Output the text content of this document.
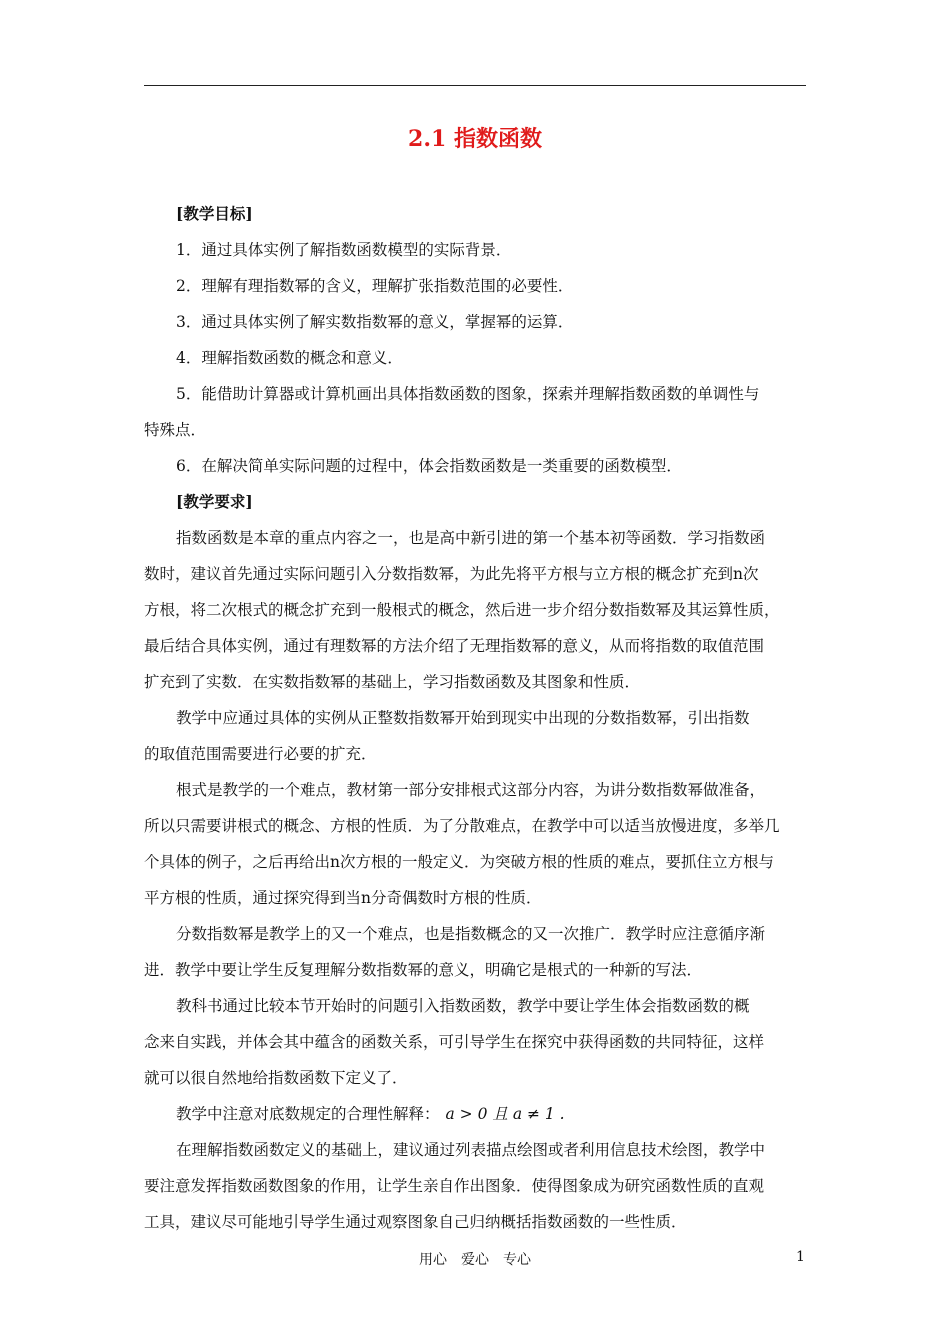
2.1 指数函数
[教学目标]
1．通过具体实例了解指数函数模型的实际背景．
2．理解有理指数幂的含义，理解扩张指数范围的必要性．
3．通过具体实例了解实数指数幂的意义，掌握幂的运算．
4．理解指数函数的概念和意义．
5．能借助计算器或计算机画出具体指数函数的图象，探索并理解指数函数的单调性与
特殊点．
6．在解决简单实际问题的过程中，体会指数函数是一类重要的函数模型．
[教学要求]
指数函数是本章的重点内容之一，也是高中新引进的第一个基本初等函数．学习指数函
数时，建议首先通过实际问题引入分数指数幂，为此先将平方根与立方根的概念扩充到n次
方根，将二次根式的概念扩充到一般根式的概念，然后进一步介绍分数指数幂及其运算性质，
最后结合具体实例，通过有理数幂的方法介绍了无理指数幂的意义，从而将指数的取值范围
扩充到了实数．在实数指数幂的基础上，学习指数函数及其图象和性质．
教学中应通过具体的实例从正整数指数幂开始到现实中出现的分数指数幂，引出指数
的取值范围需要进行必要的扩充．
根式是教学的一个难点，教材第一部分安排根式这部分内容，为讲分数指数幂做准备，
所以只需要讲根式的概念、方根的性质．为了分散难点，在教学中可以适当放慢进度，多举几
个具体的例子，之后再给出n次方根的一般定义．为突破方根的性质的难点，要抓住立方根与
平方根的性质，通过探究得到当n分奇偶数时方根的性质．
分数指数幂是教学上的又一个难点，也是指数概念的又一次推广．教学时应注意循序渐
进．教学中要让学生反复理解分数指数幂的意义，明确它是根式的一种新的写法．
教科书通过比较本节开始时的问题引入指数函数，教学中要让学生体会指数函数的概
念来自实践，并体会其中蕴含的函数关系，可引导学生在探究中获得函数的共同特征，这样
就可以很自然地给指数函数下定义了．
教学中注意对底数规定的合理性解释： a > 0 且 a ≠ 1 .
在理解指数函数定义的基础上，建议通过列表描点绘图或者利用信息技术绘图，教学中
要注意发挥指数函数图象的作用，让学生亲自作出图象．使得图象成为研究函数性质的直观
工具，建议尽可能地引导学生通过观察图象自己归纳概括指数函数的一些性质．
用心　爱心　专心	1
